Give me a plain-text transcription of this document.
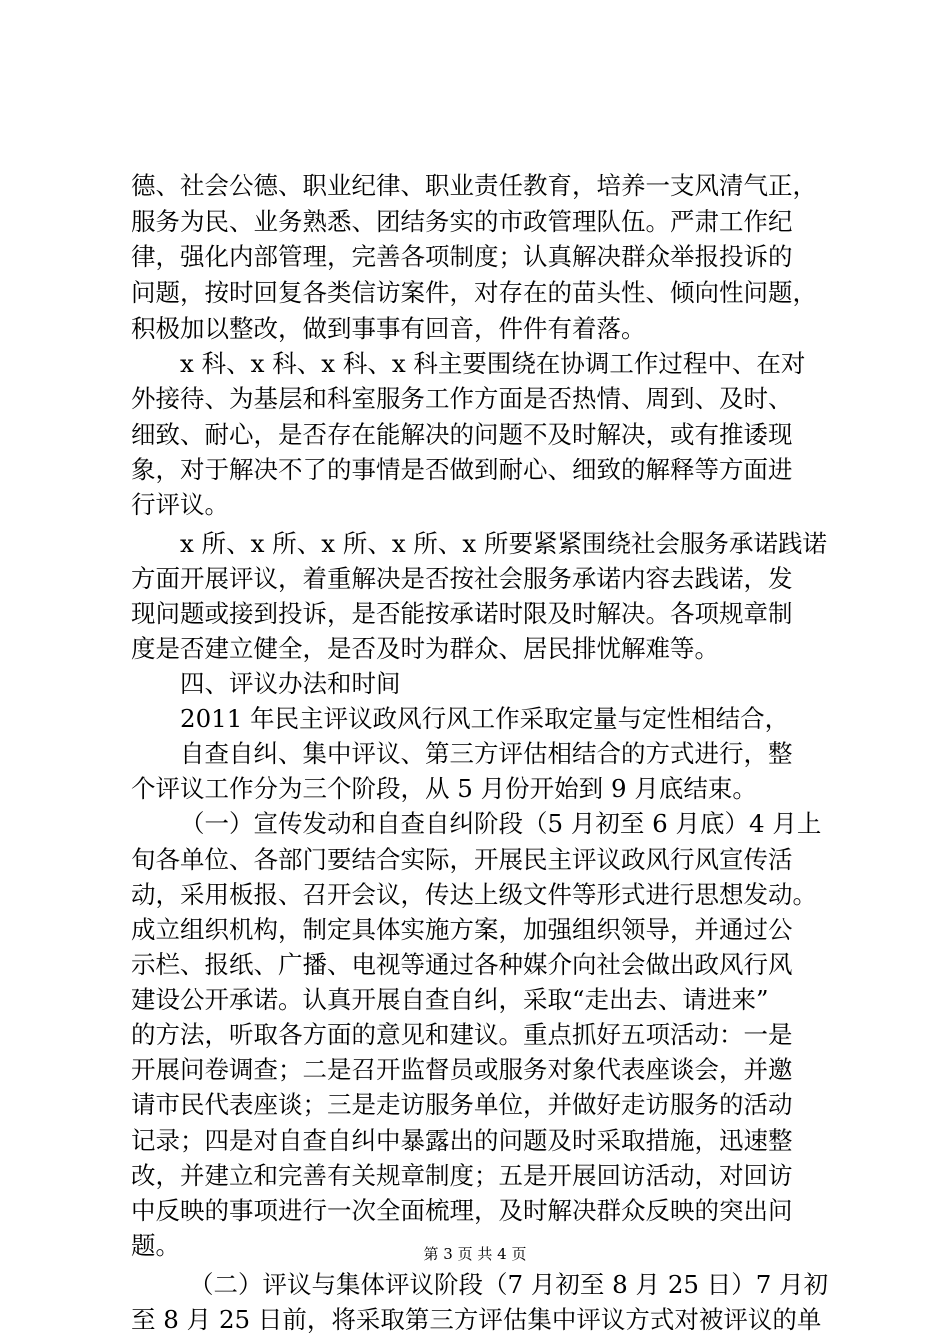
德、社会公德、职业纪律、职业责任教育，培养一支风清气正，
服务为民、业务熟悉、团结务实的市政管理队伍。严肃工作纪
律，强化内部管理，完善各项制度；认真解决群众举报投诉的
问题，按时回复各类信访案件，对存在的苗头性、倾向性问题，
积极加以整改，做到事事有回音，件件有着落。
x 科、x 科、x 科、x 科主要围绕在协调工作过程中、在对
外接待、为基层和科室服务工作方面是否热情、周到、及时、
细致、耐心，是否存在能解决的问题不及时解决，或有推诿现
象，对于解决不了的事情是否做到耐心、细致的解释等方面进
行评议。
x 所、x 所、x 所、x 所、x 所要紧紧围绕社会服务承诺践诺
方面开展评议，着重解决是否按社会服务承诺内容去践诺，发
现问题或接到投诉，是否能按承诺时限及时解决。各项规章制
度是否建立健全，是否及时为群众、居民排忧解难等。
四、评议办法和时间
2011 年民主评议政风行风工作采取定量与定性相结合，
自查自纠、集中评议、第三方评估相结合的方式进行，整
个评议工作分为三个阶段，从 5 月份开始到 9 月底结束。
（一）宣传发动和自查自纠阶段（5 月初至 6 月底）4 月上
旬各单位、各部门要结合实际，开展民主评议政风行风宣传活
动，采用板报、召开会议，传达上级文件等形式进行思想发动。
成立组织机构，制定具体实施方案，加强组织领导，并通过公
示栏、报纸、广播、电视等通过各种媒介向社会做出政风行风
建设公开承诺。认真开展自查自纠，采取“走出去、请进来”
的方法，听取各方面的意见和建议。重点抓好五项活动：一是
开展问卷调查；二是召开监督员或服务对象代表座谈会，并邀
请市民代表座谈；三是走访服务单位，并做好走访服务的活动
记录；四是对自查自纠中暴露出的问题及时采取措施，迅速整
改，并建立和完善有关规章制度；五是开展回访活动，对回访
中反映的事项进行一次全面梳理，及时解决群众反映的突出问
题。
（二）评议与集体评议阶段（7 月初至 8 月 25 日）7 月初
至 8 月 25 日前，将采取第三方评估集中评议方式对被评议的单
第 3 页 共 4 页
